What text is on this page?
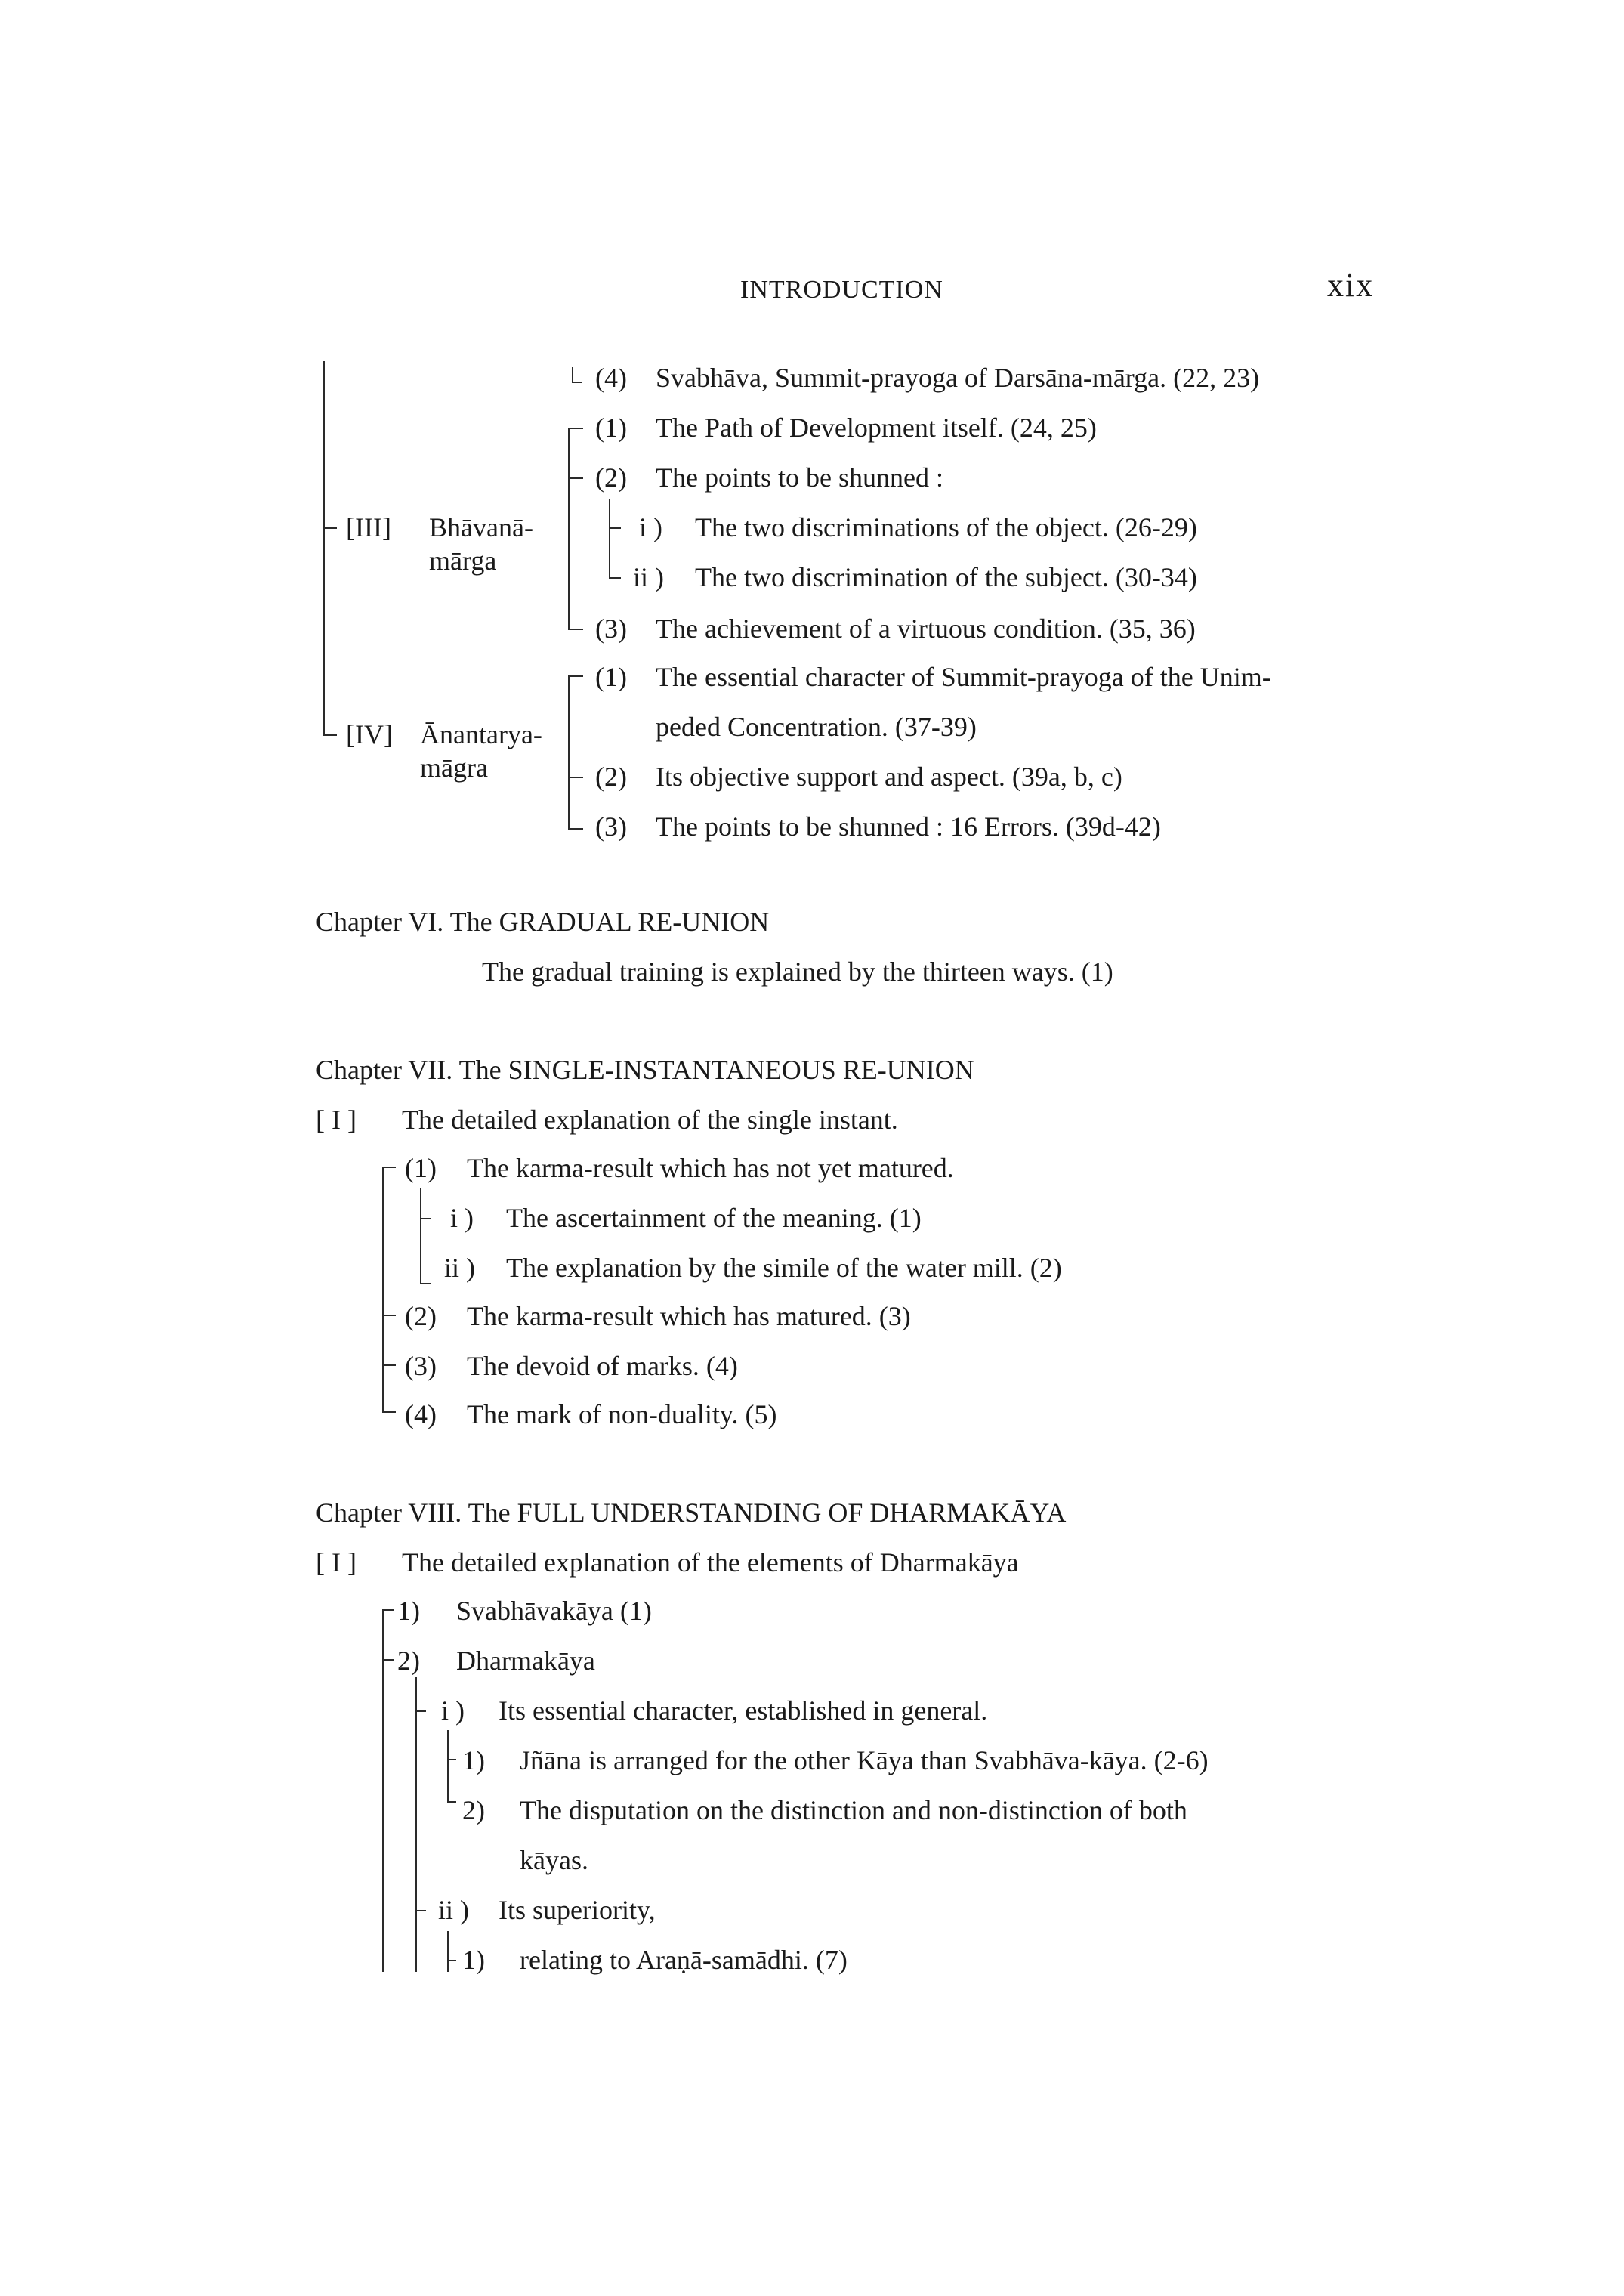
INTRODUCTION	xix
(4) Svabhāva, Summit-prayoga of Darsāna-mārga. (22, 23)
[III] Bhāvanā-
mārga
(1) The Path of Development itself. (24, 25)
(2) The points to be shunned :
i ) The two discriminations of the object. (26-29)
ii ) The two discrimination of the subject. (30-34)
(3) The achievement of a virtuous condition. (35, 36)
[IV] Ānantarya-
māgra
(1) The essential character of Summit-prayoga of the Unim-
peded Concentration. (37-39)
(2) Its objective support and aspect. (39a, b, c)
(3) The points to be shunned : 16 Errors. (39d-42)
Chapter VI. The GRADUAL RE-UNION
The gradual training is explained by the thirteen ways. (1)
Chapter VII. The SINGLE-INSTANTANEOUS RE-UNION
[ I ] The detailed explanation of the single instant.
(1) The karma-result which has not yet matured.
i ) The ascertainment of the meaning. (1)
ii ) The explanation by the simile of the water mill. (2)
(2) The karma-result which has matured. (3)
(3) The devoid of marks. (4)
(4) The mark of non-duality. (5)
Chapter VIII. The FULL UNDERSTANDING OF DHARMAKĀYA
[ I ] The detailed explanation of the elements of Dharmakāya
1) Svabhāvakāya (1)
2) Dharmakāya
i ) Its essential character, established in general.
1) Jñāna is arranged for the other Kāya than Svabhāva-kāya. (2-6)
2) The disputation on the distinction and non-distinction of both
kāyas.
ii ) Its superiority,
1) relating to Araṇā-samādhi. (7)
